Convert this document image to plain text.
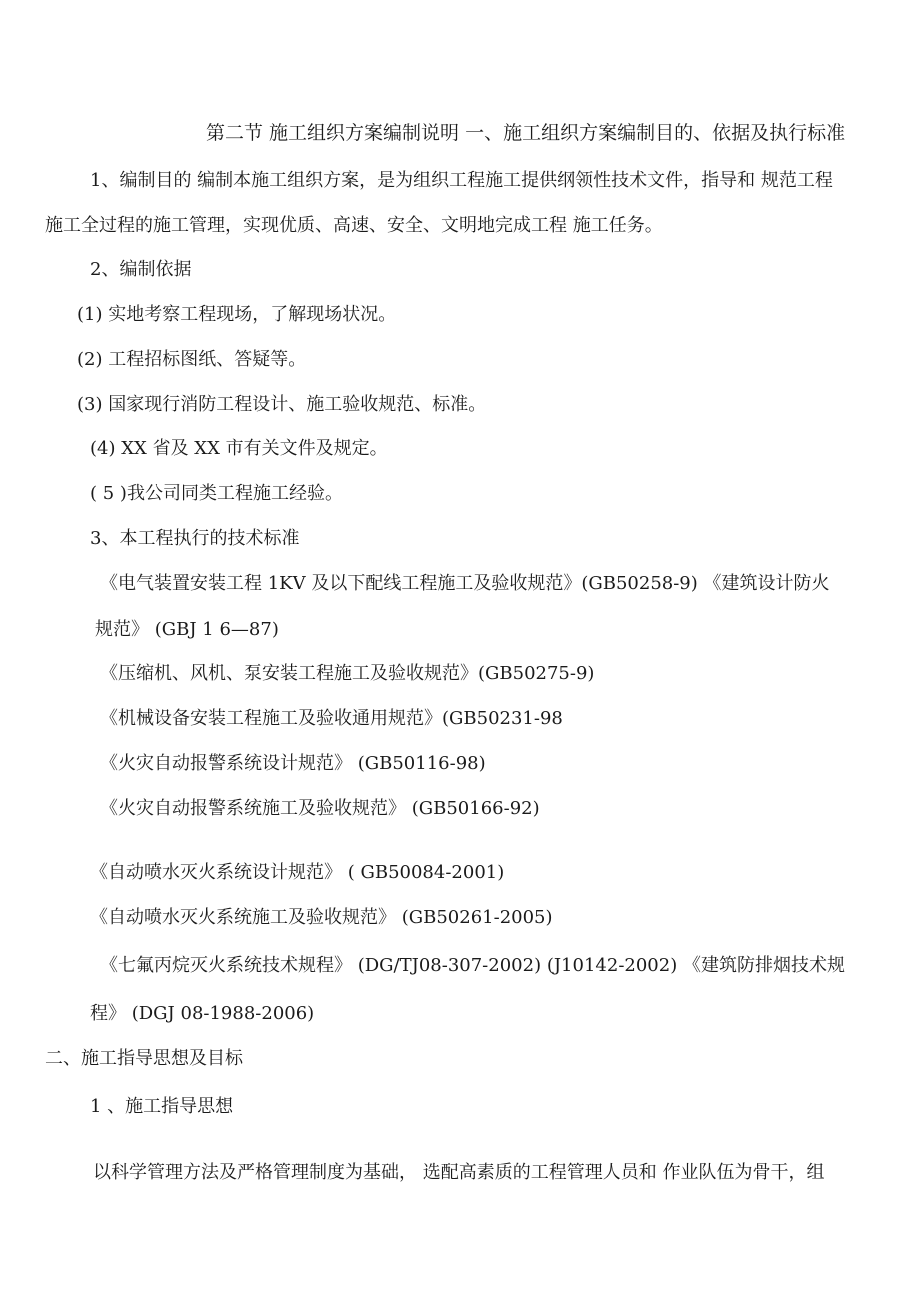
第二节 施工组织方案编制说明 一、施工组织方案编制目的、依据及执行标准
1、编制目的 编制本施工组织方案，是为组织工程施工提供纲领性技术文件，指导和 规范工程
施工全过程的施工管理，实现优质、高速、安全、文明地完成工程 施工任务。
2、编制依据
(1) 实地考察工程现场，了解现场状况。
(2) 工程招标图纸、答疑等。
(3) 国家现行消防工程设计、施工验收规范、标准。
(4) XX 省及 XX 市有关文件及规定。
( 5 )我公司同类工程施工经验。
3、本工程执行的技术标准
《电气装置安装工程 1KV 及以下配线工程施工及验收规范》(GB50258-9) 《建筑设计防火
规范》 (GBJ 1 6—87)
《压缩机、风机、泵安装工程施工及验收规范》(GB50275-9)
《机械设备安装工程施工及验收通用规范》(GB50231-98
《火灾自动报警系统设计规范》 (GB50116-98)
《火灾自动报警系统施工及验收规范》 (GB50166-92)
《自动喷水灭火系统设计规范》 ( GB50084-2001)
《自动喷水灭火系统施工及验收规范》 (GB50261-2005)
《七氟丙烷灭火系统技术规程》 (DG/TJ08-307-2002) (J10142-2002) 《建筑防排烟技术规
程》 (DGJ 08-1988-2006)
二、施工指导思想及目标
1 、施工指导思想
以科学管理方法及严格管理制度为基础， 选配高素质的工程管理人员和 作业队伍为骨干，组
